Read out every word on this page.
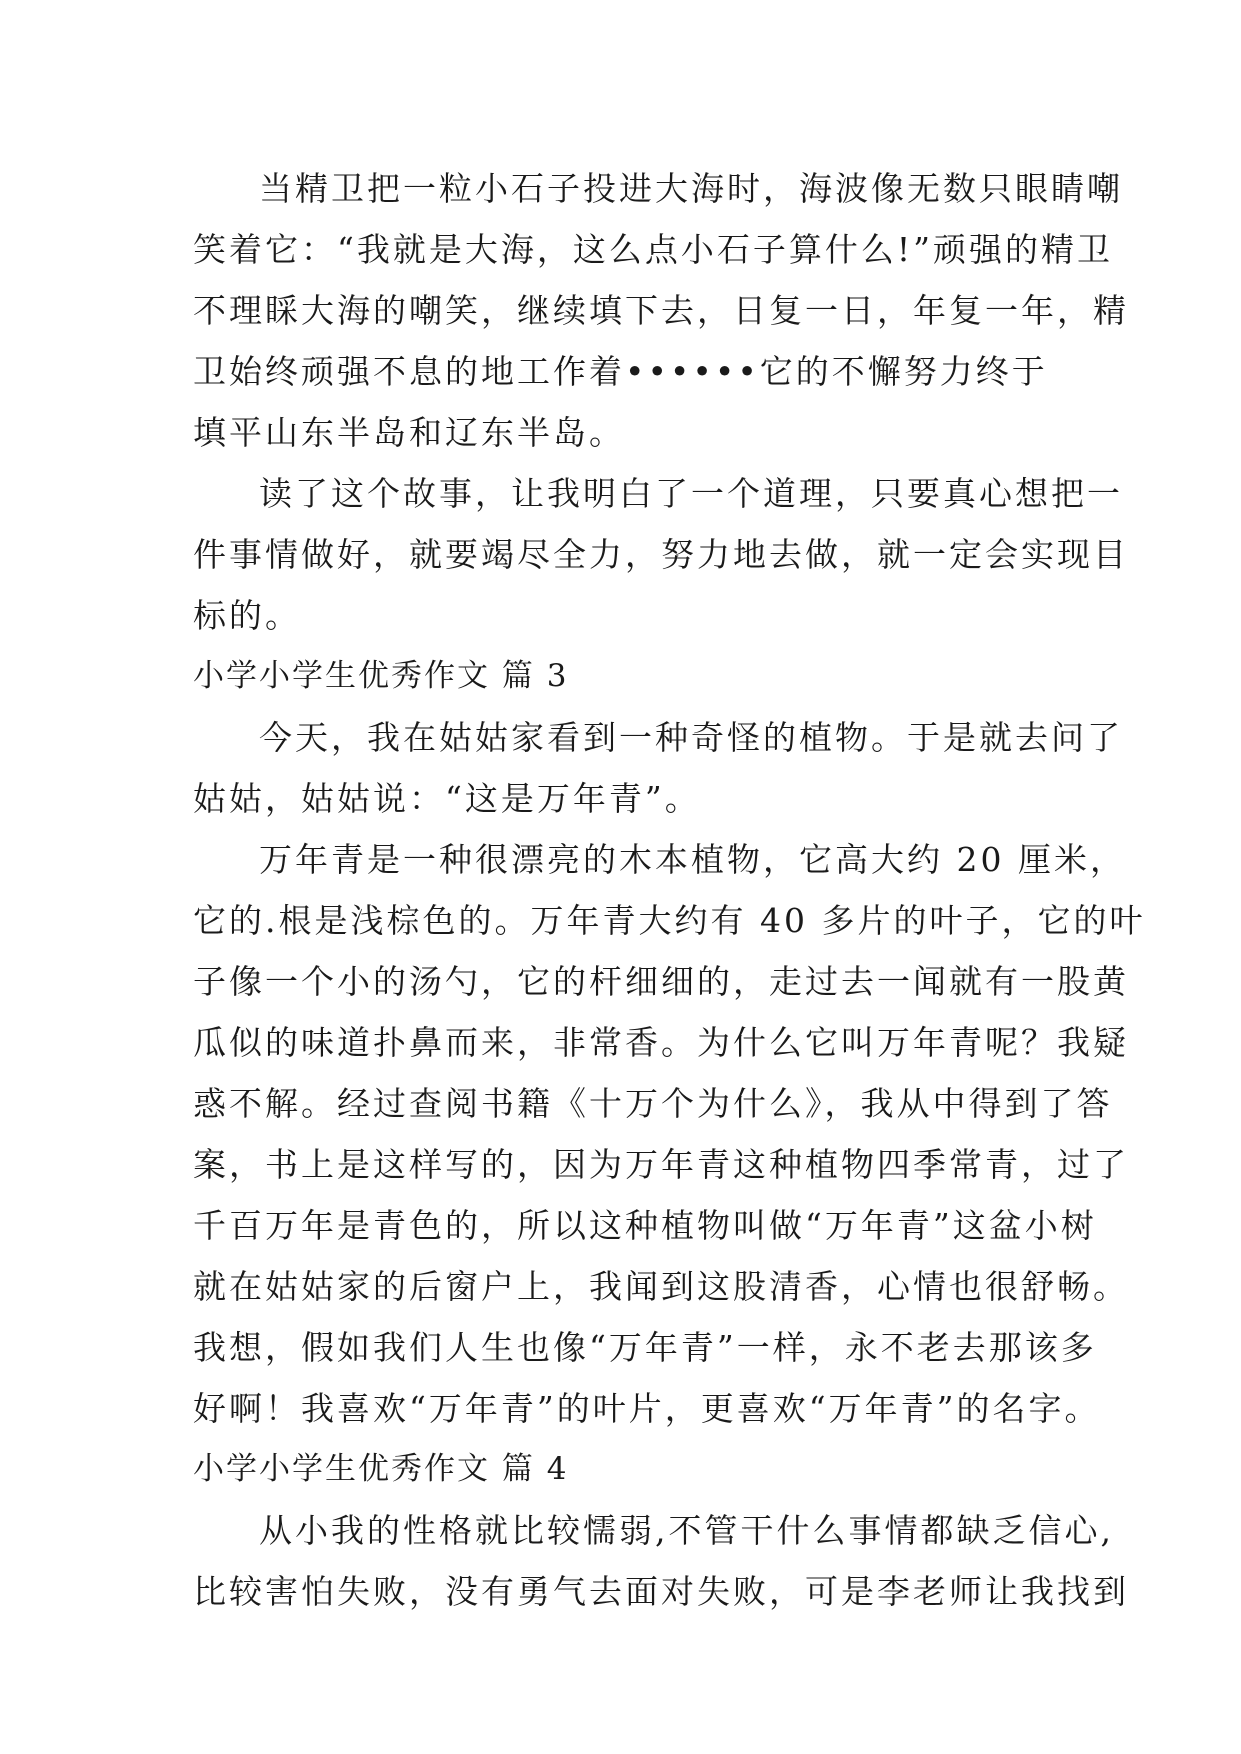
当精卫把一粒小石子投进大海时，海波像无数只眼睛嘲
笑着它：“我就是大海，这么点小石子算什么!”顽强的精卫
不理睬大海的嘲笑，继续填下去，日复一日，年复一年，精
卫始终顽强不息的地工作着••••••它的不懈努力终于
填平山东半岛和辽东半岛。
读了这个故事，让我明白了一个道理，只要真心想把一
件事情做好，就要竭尽全力，努力地去做，就一定会实现目
标的。
小学小学生优秀作文 篇 3
今天，我在姑姑家看到一种奇怪的植物。于是就去问了
姑姑，姑姑说：“这是万年青”。
万年青是一种很漂亮的木本植物，它高大约 20 厘米，
它的.根是浅棕色的。万年青大约有 40 多片的叶子，它的叶
子像一个小的汤勺，它的杆细细的，走过去一闻就有一股黄
瓜似的味道扑鼻而来，非常香。为什么它叫万年青呢？我疑
惑不解。经过查阅书籍《十万个为什么》，我从中得到了答
案，书上是这样写的，因为万年青这种植物四季常青，过了
千百万年是青色的，所以这种植物叫做“万年青”这盆小树
就在姑姑家的后窗户上，我闻到这股清香，心情也很舒畅。
我想，假如我们人生也像“万年青”一样，永不老去那该多
好啊！我喜欢“万年青”的叶片，更喜欢“万年青”的名字。
小学小学生优秀作文 篇 4
从小我的性格就比较懦弱,不管干什么事情都缺乏信心,
比较害怕失败，没有勇气去面对失败，可是李老师让我找到
